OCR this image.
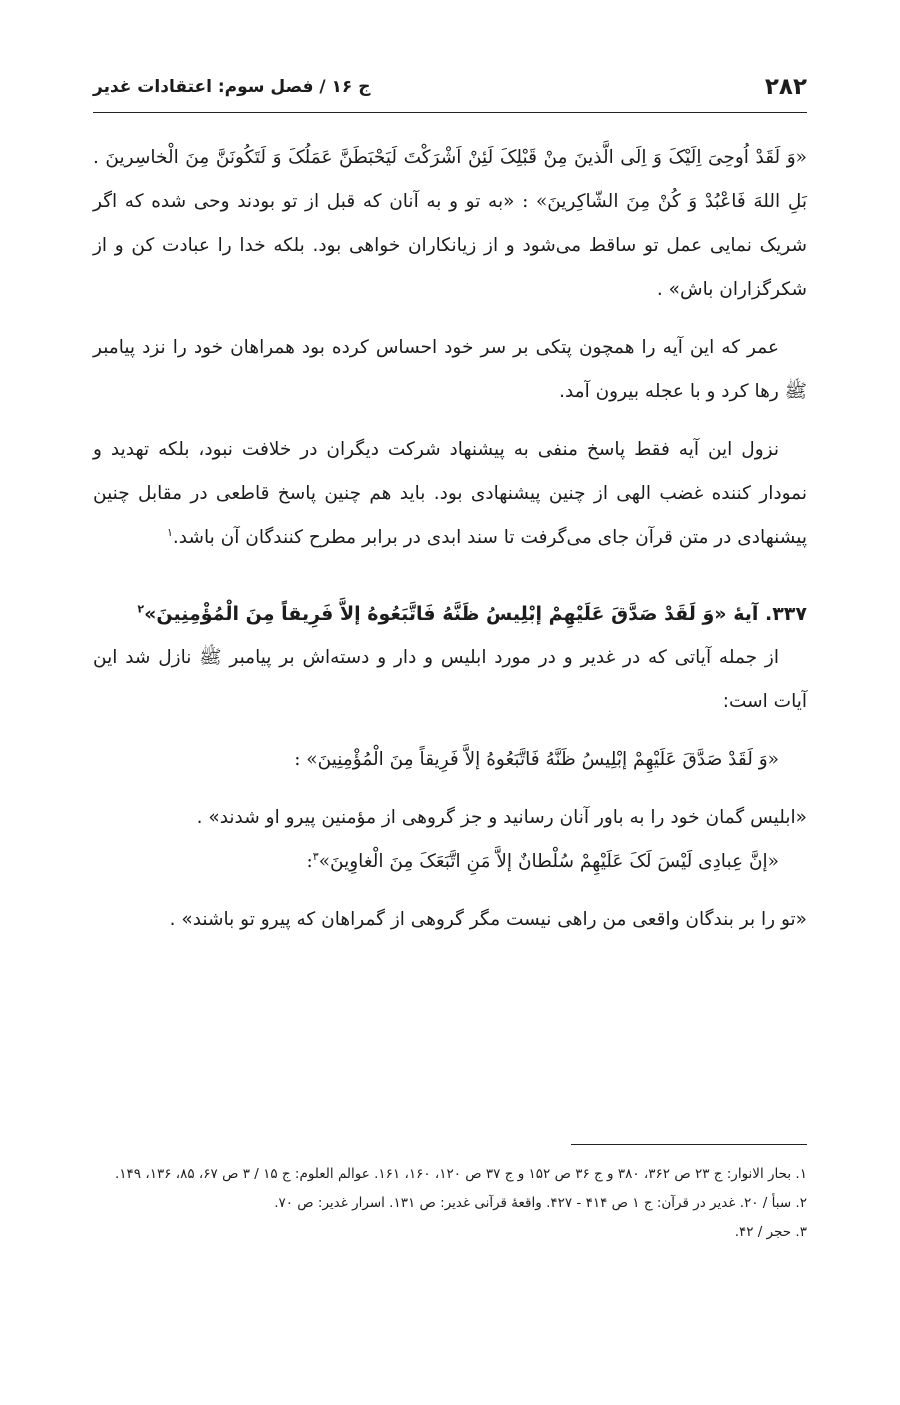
۲۸۲
ج ۱۶ / فصل سوم: اعتقادات غدیر

«وَ لَقَدْ اُوحِیَ اِلَیْکَ وَ اِلَی الَّذینَ مِنْ قَبْلِکَ لَئِنْ اَشْرَکْتَ لَیَحْبَطَنَّ عَمَلُکَ وَ لَتَکُونَنَّ مِنَ الْخاسِرینَ . بَلِ اللهَ فَاعْبُدْ وَ کُنْ مِنَ الشّاکِرینَ» : «به تو و به آنان که قبل از تو بودند وحی شده که اگر شریک نمایی عمل تو ساقط می‌شود و از زیانکاران خواهی بود. بلکه خدا را عبادت کن و از شکرگزاران باش» .

عمر که این آیه را همچون پتکی بر سر خود احساس کرده بود همراهان خود را نزد پیامبر ﷺ رها کرد و با عجله بیرون آمد.

نزول این آیه فقط پاسخ منفی به پیشنهاد شرکت دیگران در خلافت نبود، بلکه تهدید و نمودار کننده غضب الهی از چنین پیشنهادی بود. باید هم چنین پاسخ قاطعی در مقابل چنین پیشنهادی در متن قرآن جای می‌گرفت تا سند ابدی در برابر مطرح کنندگان آن باشد.$^۱$

۳۳۷. آیهٔ «وَ لَقَدْ صَدَّقَ عَلَیْهِمْ إبْلِیسُ ظَنَّهُ فَاتَّبَعُوهُ إلاَّ فَرِیقاً مِنَ الْمُؤْمِنِینَ»$^۲$

از جمله آیاتی که در غدیر و در مورد ابلیس و دار و دسته‌اش بر پیامبر ﷺ نازل شد این آیات است:

«وَ لَقَدْ صَدَّقَ عَلَیْهِمْ إبْلِیسُ ظَنَّهُ فَاتَّبَعُوهُ إلاَّ فَرِیقاً مِنَ الْمُؤْمِنِینَ» :

«ابلیس گمان خود را به باور آنان رسانید و جز گروهی از مؤمنین پیرو او شدند» .

«إنَّ عِبادِی لَیْسَ لَکَ عَلَیْهِمْ سُلْطانٌ إلاَّ مَنِ اتَّبَعَکَ مِنَ الْغاوِینَ»$^۳$:

«تو را بر بندگان واقعی من راهی نیست مگر گروهی از گمراهان که پیرو تو باشند» .

۱. بحار الانوار: ج ۲۳ ص ۳۶۲، ۳۸۰ و ج ۳۶ ص ۱۵۲ و ج ۳۷ ص ۱۲۰، ۱۶۰، ۱۶۱. عوالم العلوم: ج ۱۵ / ۳ ص ۶۷، ۸۵، ۱۳۶، ۱۴۹.

۲. سبأ / ۲۰. غدیر در قرآن: ج ۱ ص ۴۱۴ - ۴۲۷. واقعهٔ قرآنی غدیر: ص ۱۳۱. اسرار غدیر: ص ۷۰.

۳. حجر / ۴۲.
